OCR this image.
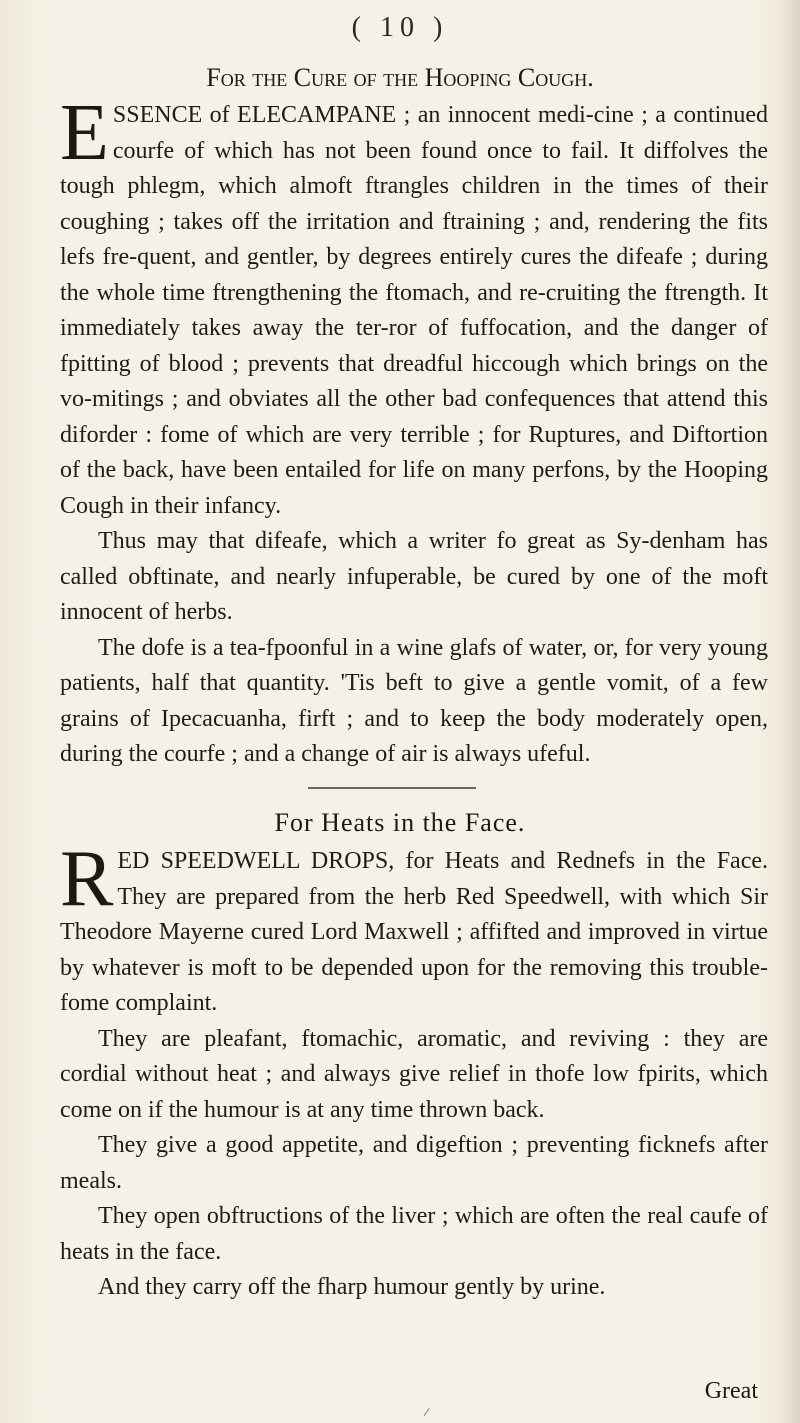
( 10 )
For the Cure of the Hooping Cough.

ESSENCE of ELECAMPANE ; an innocent medi-cine ; a continued courfe of which has not been found once to fail. It diffolves the tough phlegm, which almoft ftrangles children in the times of their coughing ; takes off the irritation and ftraining ; and, rendering the fits lefs fre-quent, and gentler, by degrees entirely cures the difeafe ; during the whole time ftrengthening the ftomach, and re-cruiting the ftrength. It immediately takes away the ter-ror of fuffocation, and the danger of fpitting of blood ; prevents that dreadful hiccough which brings on the vo-mitings ; and obviates all the other bad confequences that attend this diforder : fome of which are very terrible ; for Ruptures, and Diftortion of the back, have been entailed for life on many perfons, by the Hooping Cough in their infancy.

Thus may that difeafe, which a writer fo great as Sy-denham has called obftinate, and nearly infuperable, be cured by one of the moft innocent of herbs.

The dofe is a tea-fpoonful in a wine glafs of water, or, for very young patients, half that quantity. 'Tis beft to give a gentle vomit, of a few grains of Ipecacuanha, firft ; and to keep the body moderately open, during the courfe ; and a change of air is always ufeful.

For Heats in the Face.

RED SPEEDWELL DROPS, for Heats and Rednefs in the Face. They are prepared from the herb Red Speedwell, with which Sir Theodore Mayerne cured Lord Maxwell ; affifted and improved in virtue by whatever is moft to be depended upon for the removing this trouble-fome complaint.

They are pleafant, ftomachic, aromatic, and reviving : they are cordial without heat ; and always give relief in thofe low fpirits, which come on if the humour is at any time thrown back.

They give a good appetite, and digeftion ; preventing ficknefs after meals.

They open obftructions of the liver ; which are often the real caufe of heats in the face.

And they carry off the fharp humour gently by urine.

Great
